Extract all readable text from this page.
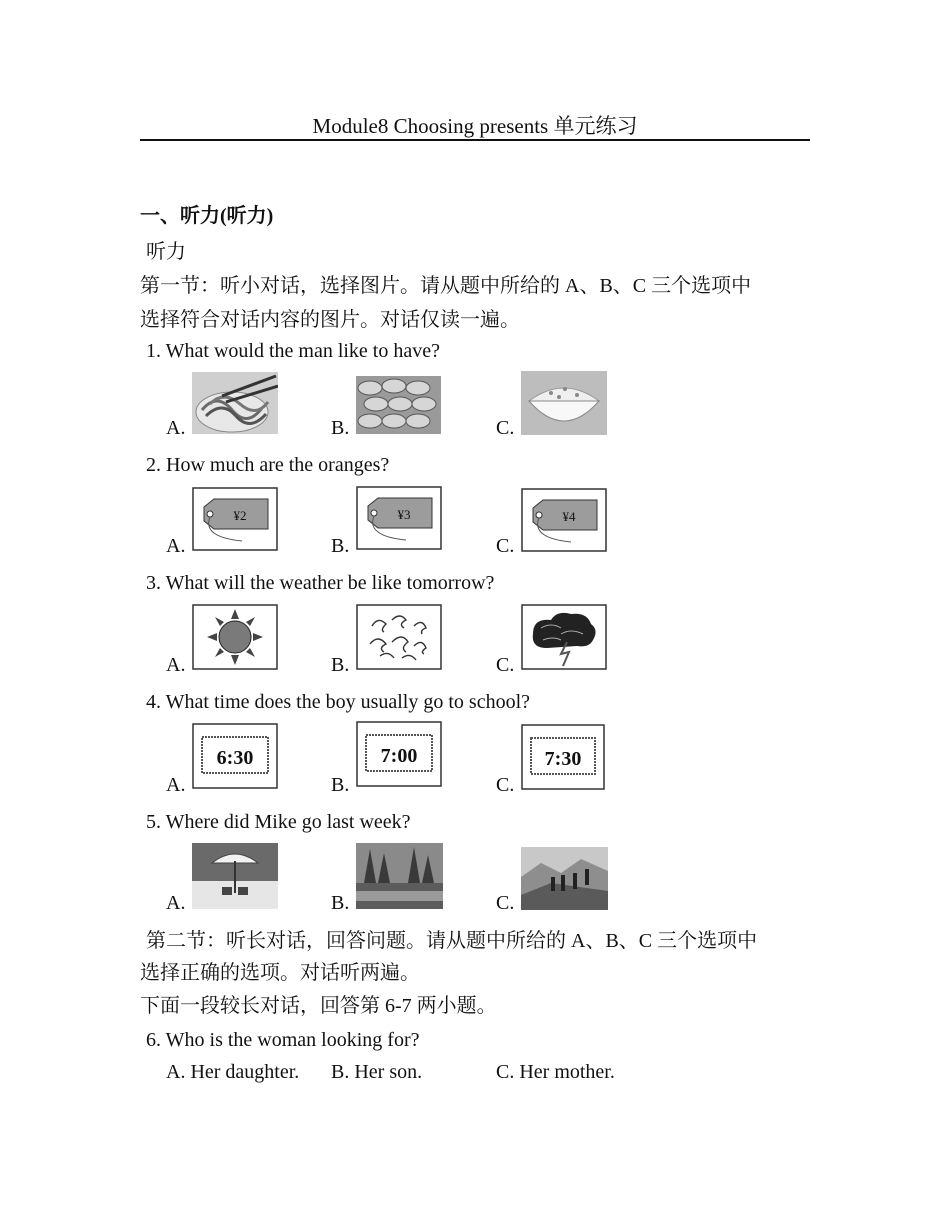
Module8 Choosing presents 单元练习
一、听力(听力)
听力
第一节：听小对话，选择图片。请从题中所给的 A、B、C 三个选项中
选择符合对话内容的图片。对话仅读一遍。
1. What would the man like to have?
A.	B.	C.
2. How much are the oranges?
A.
¥2
B.
¥3
C.
¥4
3. What will the weather be like tomorrow?
A.	B.	C.
4. What time does the boy usually go to school?
A.
6:30
B.
7:00
C.
7:30
5. Where did Mike go last week?
A.	B.	C.
第二节：听长对话，回答问题。请从题中所给的 A、B、C 三个选项中
选择正确的选项。对话听两遍。
下面一段较长对话，回答第 6-7 两小题。
6. Who is the woman looking for?
A. Her daughter. B. Her son.	C. Her mother.
